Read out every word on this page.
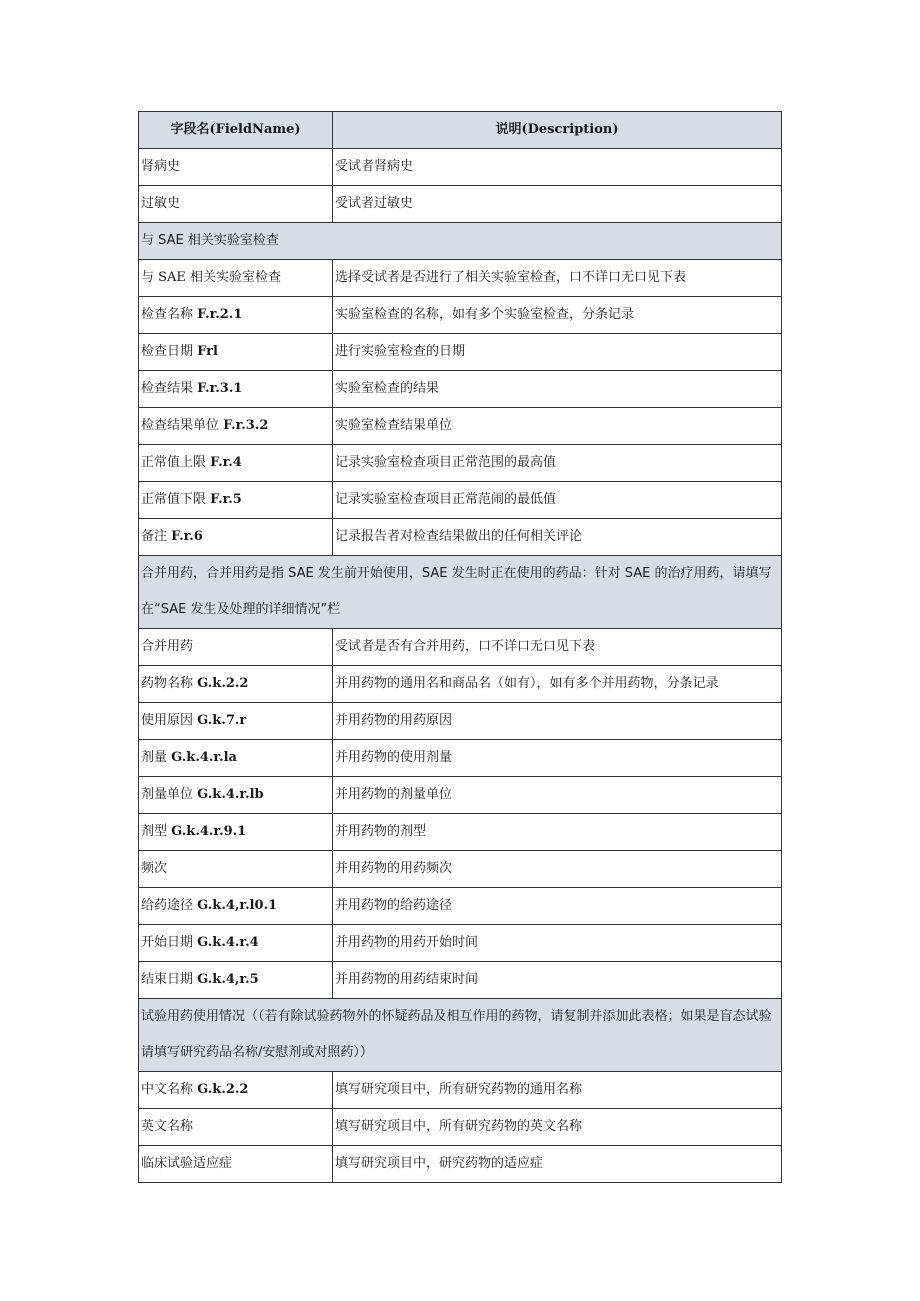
字段名(FieldName)	说明(Description)
肾病史	受试者肾病史
过敏史	受试者过敏史
与 SAE 相关实验室检查	
与 SAE 相关实验室检查	选择受试者是否进行了相关实验室检查，口不详口无口见下表
检查名称 F.r.2.1	实验室检查的名称，如有多个实验室检查，分条记录
检查日期 Frl	进行实验室检查的日期
检查结果 F.r.3.1	实验室检查的结果
检查结果单位 F.r.3.2	实验室检查结果单位
正常值上限 F.r.4	记录实验室检查项目正常范围的最高值
正常值下限 F.r.5	记录实验室检查项目正常范闹的最低值
备注 F.r.6	记录报告者对检查结果做出的任何相关评论
合并用药，合并用药是指 SAE 发生前开始使用，SAE 发生时正在使用的药品：针对 SAE 的治疗用药，请填写在“SAE 发生及处理的详细情况”栏	
合并用药	受试者是否有合并用药，口不详口无口见下表
药物名称 G.k.2.2	并用药物的通用名和商品名（如有），如有多个并用药物，分条记录
使用原因 G.k.7.r	并用药物的用药原因
剂量 G.k.4.r.la	并用药物的使用剂量
剂量单位 G.k.4.r.lb	并用药物的剂量单位
剂型 G.k.4.r.9.1	并用药物的剂型
频次	并用药物的用药频次
给药途径 G.k.4,r.l0.1	并用药物的给药途径
开始日期 G.k.4.r.4	并用药物的用药开始时间
结束日期 G.k.4,r.5	并用药物的用药结束时间
试验用药使用情况（（若有除试验药物外的怀疑药品及相互作用的药物，请复制并添加此表格；如果是盲态试验请填写研究药品名称/安慰剂或对照药））	
中文名称 G.k.2.2	填写研究项目中，所有研究药物的通用名称
英文名称	填写研究项目中，所有研究药物的英文名称
临床试验适应症	填写研究项目中，研究药物的适应症
